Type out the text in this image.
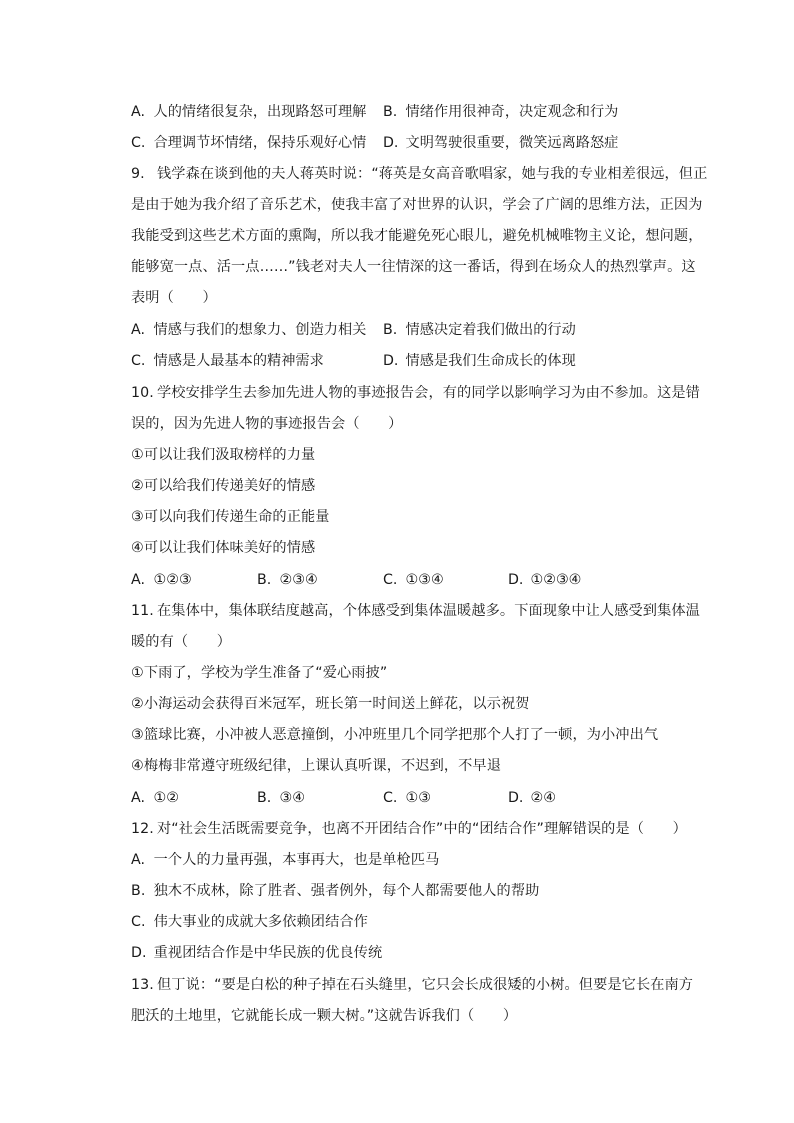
A. 人的情绪很复杂，出现路怒可理解 B. 情绪作用很神奇，决定观念和行为
C. 合理调节坏情绪，保持乐观好心情 D. 文明驾驶很重要，微笑远离路怒症
9. 钱学森在谈到他的夫人蒋英时说：“蒋英是女高音歌唱家，她与我的专业相差很远，但正
是由于她为我介绍了音乐艺术，使我丰富了对世界的认识，学会了广阔的思维方法，正因为
我能受到这些艺术方面的熏陶，所以我才能避免死心眼儿，避免机械唯物主义论，想问题，
能够宽一点、活一点……”钱老对夫人一往情深的这一番话，得到在场众人的热烈掌声。这
表明（　　）
A. 情感与我们的想象力、创造力相关 B. 情感决定着我们做出的行动
C. 情感是人最基本的精神需求	D. 情感是我们生命成长的体现
10. 学校安排学生去参加先进人物的事迹报告会，有的同学以影响学习为由不参加。这是错
误的，因为先进人物的事迹报告会（　　）
①可以让我们汲取榜样的力量
②可以给我们传递美好的情感
③可以向我们传递生命的正能量
④可以让我们体味美好的情感
A. ①②③	B. ②③④	C. ①③④	D. ①②③④
11. 在集体中，集体联结度越高，个体感受到集体温暖越多。下面现象中让人感受到集体温
暖的有（　　）
①下雨了，学校为学生准备了“爱心雨披”
②小海运动会获得百米冠军，班长第一时间送上鲜花，以示祝贺
③篮球比赛，小冲被人恶意撞倒，小冲班里几个同学把那个人打了一顿，为小冲出气
④梅梅非常遵守班级纪律，上课认真听课，不迟到，不早退
A. ①②	B. ③④	C. ①③	D. ②④
12. 对“社会生活既需要竞争，也离不开团结合作”中的“团结合作”理解错误的是（　　）
A. 一个人的力量再强，本事再大，也是单枪匹马
B. 独木不成林，除了胜者、强者例外，每个人都需要他人的帮助
C. 伟大事业的成就大多依赖团结合作
D. 重视团结合作是中华民族的优良传统
13. 但丁说：“要是白松的种子掉在石头缝里，它只会长成很矮的小树。但要是它长在南方
肥沃的土地里，它就能长成一颗大树。”这就告诉我们（　　）
